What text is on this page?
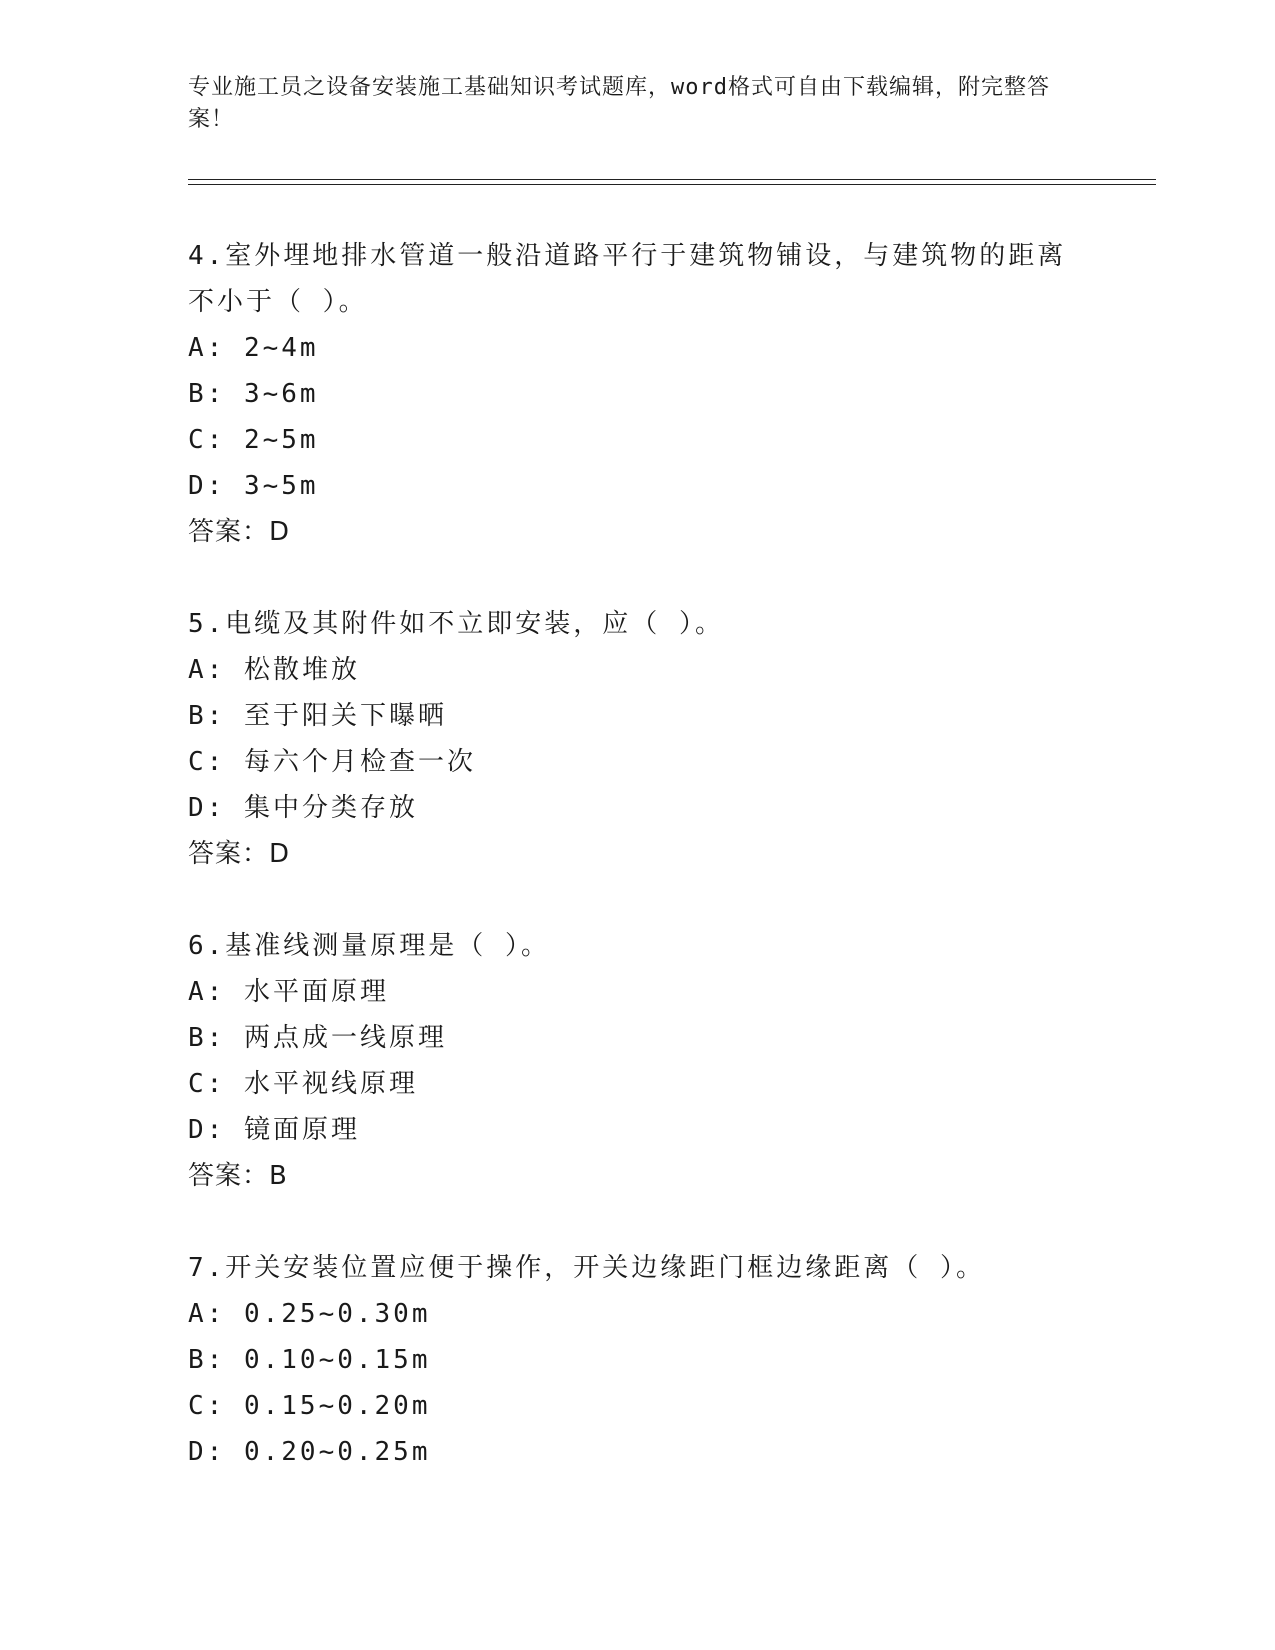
专业施工员之设备安装施工基础知识考试题库，word格式可自由下载编辑，附完整答案！
4.室外埋地排水管道一般沿道路平行于建筑物铺设，与建筑物的距离不小于（ ）。
A: 2~4m
B: 3~6m
C: 2~5m
D: 3~5m
答案：D
5.电缆及其附件如不立即安装，应（ ）。
A: 松散堆放
B: 至于阳关下曝晒
C: 每六个月检查一次
D: 集中分类存放
答案：D
6.基准线测量原理是（ ）。
A: 水平面原理
B: 两点成一线原理
C: 水平视线原理
D: 镜面原理
答案：B
7.开关安装位置应便于操作，开关边缘距门框边缘距离（ ）。
A: 0.25~0.30m
B: 0.10~0.15m
C: 0.15~0.20m
D: 0.20~0.25m
